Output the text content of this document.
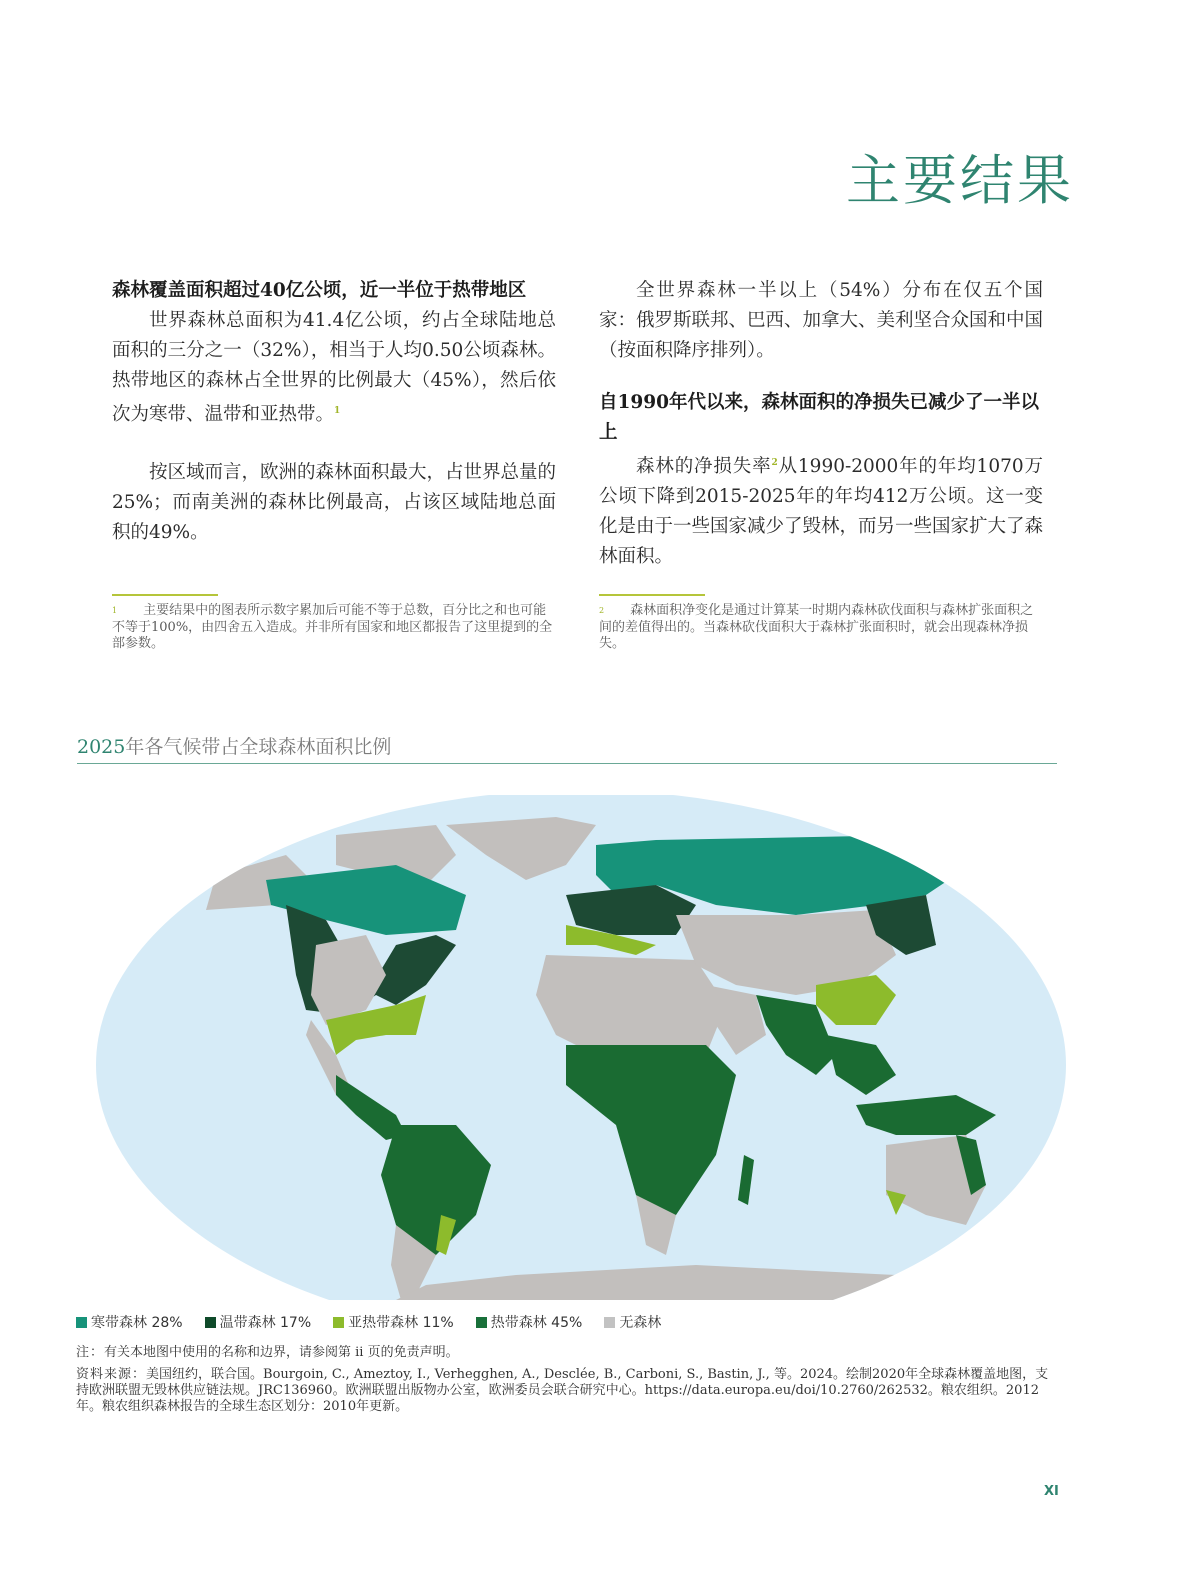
主要结果
森林覆盖面积超过40亿公顷，近一半位于热带地区

世界森林总面积为41.4亿公顷，约占全球陆地总面积的三分之一（32%），相当于人均0.50公顷森林。热带地区的森林占全世界的比例最大（45%），然后依次为寒带、温带和亚热带。$^1$

按区域而言，欧洲的森林面积最大，占世界总量的25%；而南美洲的森林比例最高，占该区域陆地总面积的49%。

全世界森林一半以上（54%）分布在仅五个国家：俄罗斯联邦、巴西、加拿大、美利坚合众国和中国（按面积降序排列）。

自1990年代以来，森林面积的净损失已减少了一半以上

森林的净损失率$^2$从1990-2000年的年均1070万公顷下降到2015-2025年的年均412万公顷。这一变化是由于一些国家减少了毁林，而另一些国家扩大了森林面积。

$^1$ 主要结果中的图表所示数字累加后可能不等于总数，百分比之和也可能不等于100%，由四舍五入造成。并非所有国家和地区都报告了这里提到的全部参数。
$^2$ 森林面积净变化是通过计算某一时期内森林砍伐面积与森林扩张面积之间的差值得出的。当森林砍伐面积大于森林扩张面积时，就会出现森林净损失。
2025年各气候带占全球森林面积比例
寒带森林 28%	温带森林 17%	亚热带森林 11%	热带森林 45%	无森林

注：有关本地图中使用的名称和边界，请参阅第 ii 页的免责声明。

资料来源：美国纽约，联合国。Bourgoin, C., Ameztoy, I., Verhegghen, A., Desclée, B., Carboni, S., Bastin, J., 等。2024。绘制2020年全球森林覆盖地图，支持欧洲联盟无毁林供应链法规。JRC136960。欧洲联盟出版物办公室，欧洲委员会联合研究中心。https://data.europa.eu/doi/10.2760/262532。粮农组织。2012年。粮农组织森林报告的全球生态区划分：2010年更新。

XI
